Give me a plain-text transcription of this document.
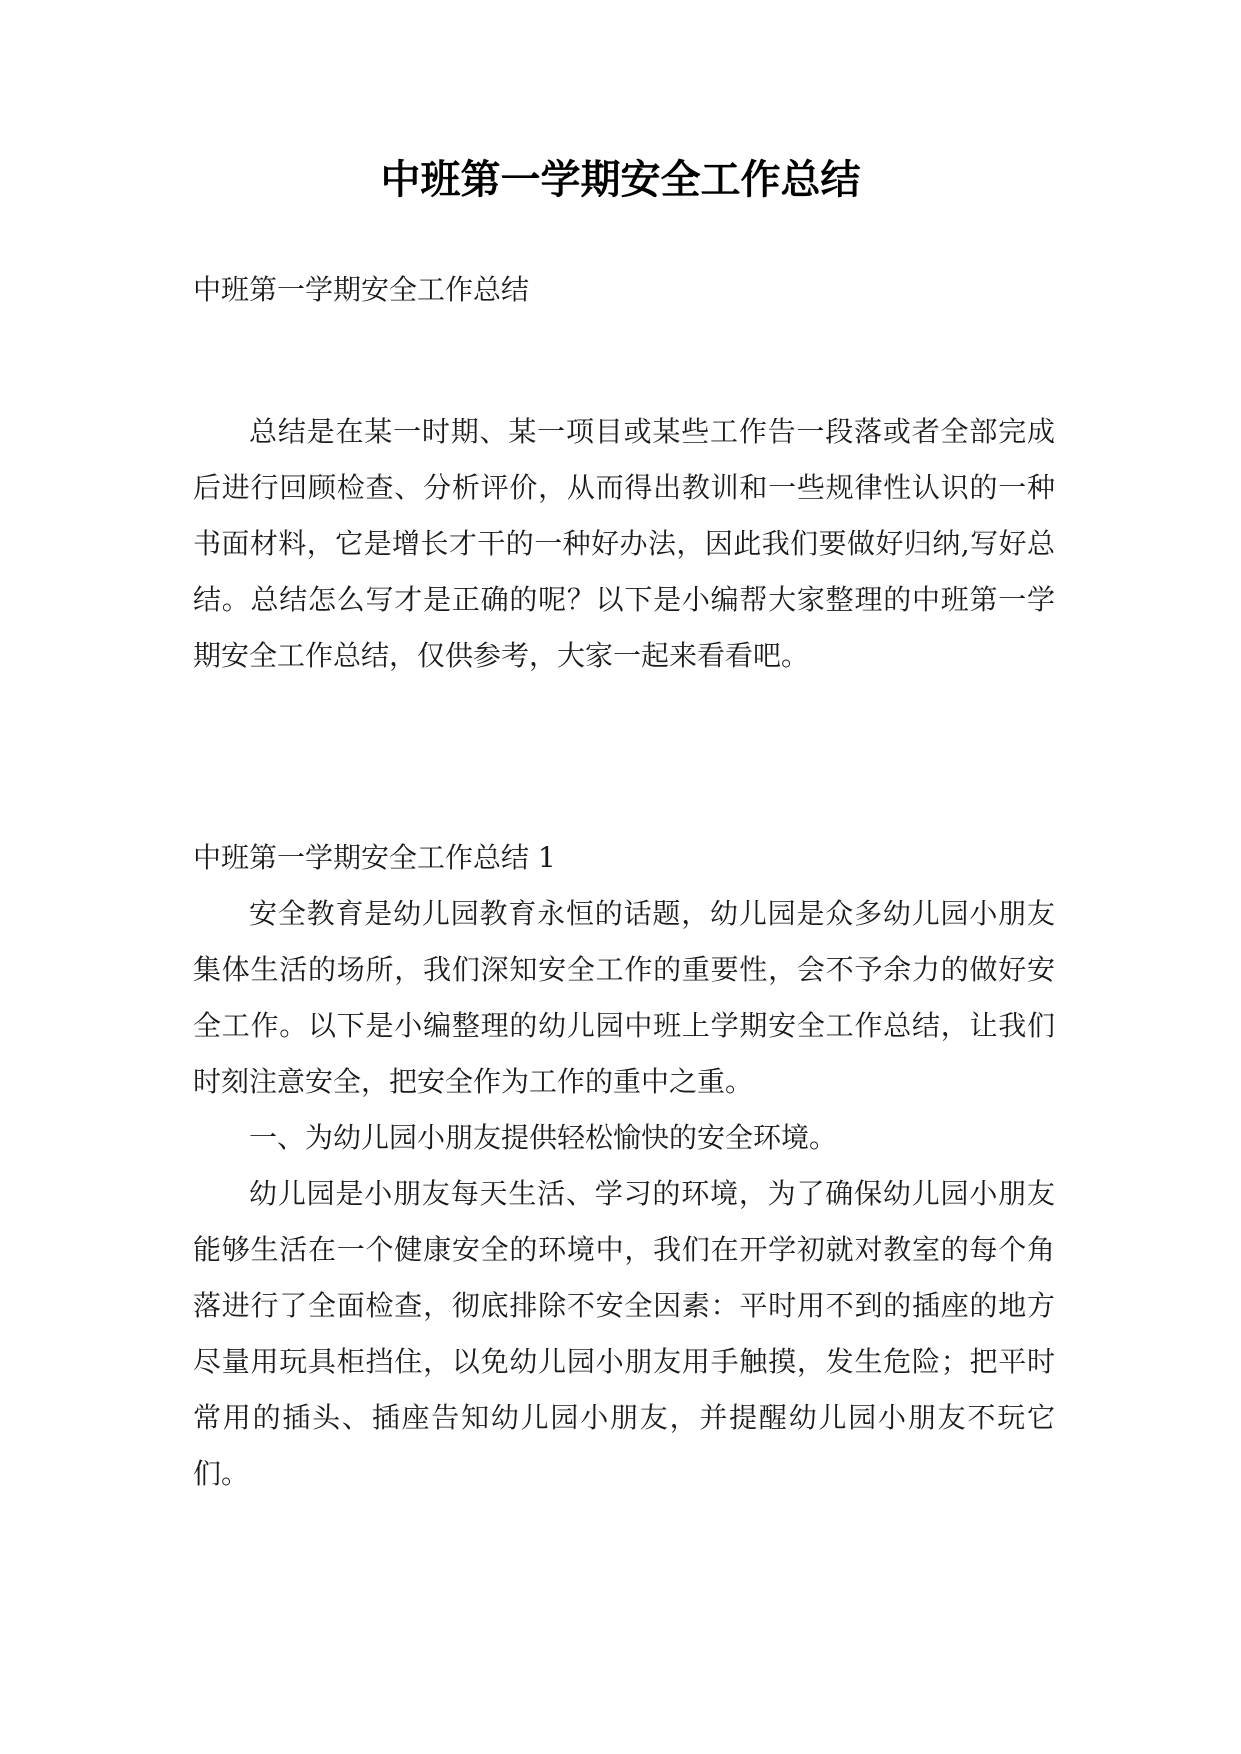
中班第一学期安全工作总结

中班第一学期安全工作总结

总结是在某一时期、某一项目或某些工作告一段落或者全部完成后进行回顾检查、分析评价，从而得出教训和一些规律性认识的一种书面材料，它是增长才干的一种好办法，因此我们要做好归纳,写好总结。总结怎么写才是正确的呢？以下是小编帮大家整理的中班第一学期安全工作总结，仅供参考，大家一起来看看吧。

中班第一学期安全工作总结 1

安全教育是幼儿园教育永恒的话题，幼儿园是众多幼儿园小朋友集体生活的场所，我们深知安全工作的重要性，会不予余力的做好安全工作。以下是小编整理的幼儿园中班上学期安全工作总结，让我们时刻注意安全，把安全作为工作的重中之重。

一、为幼儿园小朋友提供轻松愉快的安全环境。

幼儿园是小朋友每天生活、学习的环境，为了确保幼儿园小朋友能够生活在一个健康安全的环境中，我们在开学初就对教室的每个角落进行了全面检查，彻底排除不安全因素：平时用不到的插座的地方尽量用玩具柜挡住，以免幼儿园小朋友用手触摸，发生危险；把平时常用的插头、插座告知幼儿园小朋友，并提醒幼儿园小朋友不玩它们。
